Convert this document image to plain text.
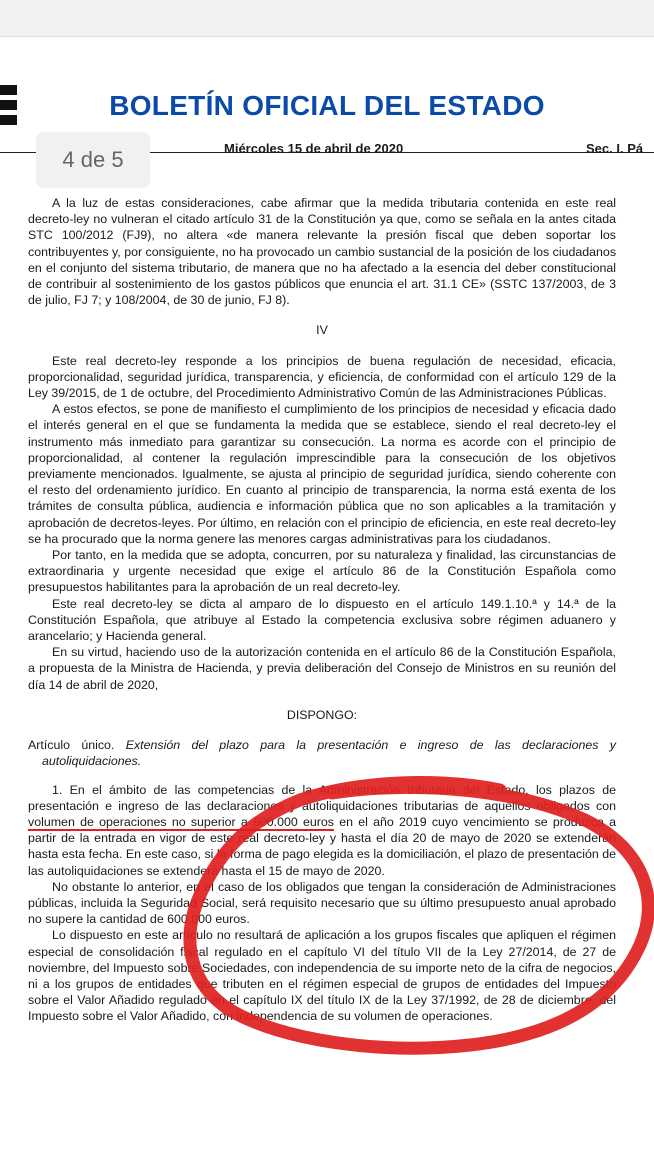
BOLETÍN OFICIAL DEL ESTADO
4 de 5	Miércoles 15 de abril de 2020	Sec. I. Pá

A la luz de estas consideraciones, cabe afirmar que la medida tributaria contenida en este real decreto-ley no vulneran el citado artículo 31 de la Constitución ya que, como se señala en la antes citada STC 100/2012 (FJ9), no altera «de manera relevante la presión fiscal que deben soportar los contribuyentes y, por consiguiente, no ha provocado un cambio sustancial de la posición de los ciudadanos en el conjunto del sistema tributario, de manera que no ha afectado a la esencia del deber constitucional de contribuir al sostenimiento de los gastos públicos que enuncia el art. 31.1 CE» (SSTC 137/2003, de 3 de julio, FJ 7; y 108/2004, de 30 de junio, FJ 8).

IV

Este real decreto-ley responde a los principios de buena regulación de necesidad, eficacia, proporcionalidad, seguridad jurídica, transparencia, y eficiencia, de conformidad con el artículo 129 de la Ley 39/2015, de 1 de octubre, del Procedimiento Administrativo Común de las Administraciones Públicas.

A estos efectos, se pone de manifiesto el cumplimiento de los principios de necesidad y eficacia dado el interés general en el que se fundamenta la medida que se establece, siendo el real decreto-ley el instrumento más inmediato para garantizar su consecución. La norma es acorde con el principio de proporcionalidad, al contener la regulación imprescindible para la consecución de los objetivos previamente mencionados. Igualmente, se ajusta al principio de seguridad jurídica, siendo coherente con el resto del ordenamiento jurídico. En cuanto al principio de transparencia, la norma está exenta de los trámites de consulta pública, audiencia e información pública que no son aplicables a la tramitación y aprobación de decretos-leyes. Por último, en relación con el principio de eficiencia, en este real decreto-ley se ha procurado que la norma genere las menores cargas administrativas para los ciudadanos.

Por tanto, en la medida que se adopta, concurren, por su naturaleza y finalidad, las circunstancias de extraordinaria y urgente necesidad que exige el artículo 86 de la Constitución Española como presupuestos habilitantes para la aprobación de un real decreto-ley.

Este real decreto-ley se dicta al amparo de lo dispuesto en el artículo 149.1.10.ª y 14.ª de la Constitución Española, que atribuye al Estado la competencia exclusiva sobre régimen aduanero y arancelario; y Hacienda general.

En su virtud, haciendo uso de la autorización contenida en el artículo 86 de la Constitución Española, a propuesta de la Ministra de Hacienda, y previa deliberación del Consejo de Ministros en su reunión del día 14 de abril de 2020,

DISPONGO:

Artículo único. Extensión del plazo para la presentación e ingreso de las declaraciones y autoliquidaciones.

1. En el ámbito de las competencias de la Administración tributaria del Estado, los plazos de presentación e ingreso de las declaraciones y autoliquidaciones tributarias de aquellos obligados con volumen de operaciones no superior a 600.000 euros en el año 2019 cuyo vencimiento se produzca a partir de la entrada en vigor de este real decreto-ley y hasta el día 20 de mayo de 2020 se extenderán hasta esta fecha. En este caso, si la forma de pago elegida es la domiciliación, el plazo de presentación de las autoliquidaciones se extenderá hasta el 15 de mayo de 2020.

No obstante lo anterior, en el caso de los obligados que tengan la consideración de Administraciones públicas, incluida la Seguridad Social, será requisito necesario que su último presupuesto anual aprobado no supere la cantidad de 600.000 euros.

Lo dispuesto en este artículo no resultará de aplicación a los grupos fiscales que apliquen el régimen especial de consolidación fiscal regulado en el capítulo VI del título VII de la Ley 27/2014, de 27 de noviembre, del Impuesto sobre Sociedades, con independencia de su importe neto de la cifra de negocios, ni a los grupos de entidades que tributen en el régimen especial de grupos de entidades del Impuesto sobre el Valor Añadido regulado en el capítulo IX del título IX de la Ley 37/1992, de 28 de diciembre, del Impuesto sobre el Valor Añadido, con independencia de su volumen de operaciones.
